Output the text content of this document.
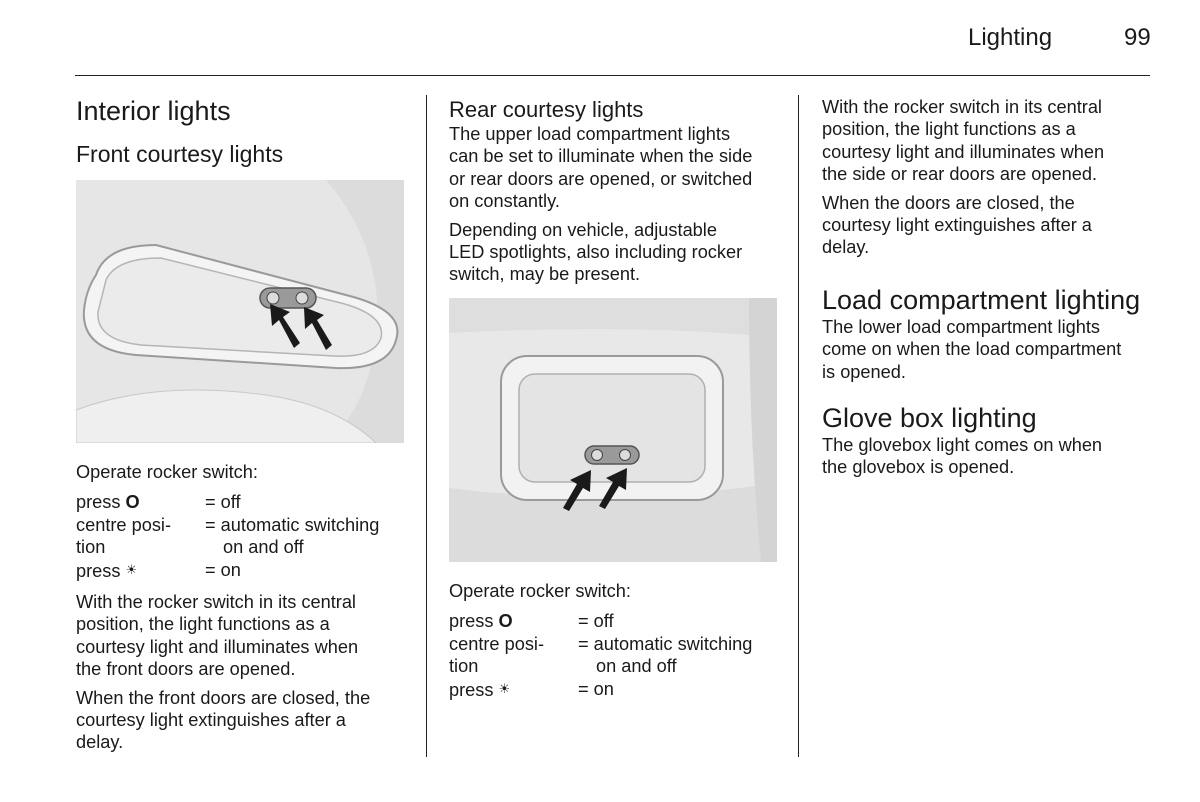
Lighting	99
Interior lights
Front courtesy lights

Operate rocker switch:

press O	= off
centre posi- = automatic switching
tion	on and off
press ☀	= on

With the rocker switch in its central

position, the light functions as a

courtesy light and illuminates when

the front doors are opened.

When the front doors are closed, the

courtesy light extinguishes after a

delay.

Rear courtesy lights

The upper load compartment lights

can be set to illuminate when the side

or rear doors are opened, or switched

on constantly.

Depending on vehicle, adjustable

LED spotlights, also including rocker

switch, may be present.

Operate rocker switch:

press O	= off
centre posi- = automatic switching
tion	on and off
press ☀	= on

With the rocker switch in its central

position, the light functions as a

courtesy light and illuminates when

the side or rear doors are opened.

When the doors are closed, the

courtesy light extinguishes after a

delay.

Load compartment lighting

The lower load compartment lights

come on when the load compartment

is opened.

Glove box lighting

The glovebox light comes on when

the glovebox is opened.
